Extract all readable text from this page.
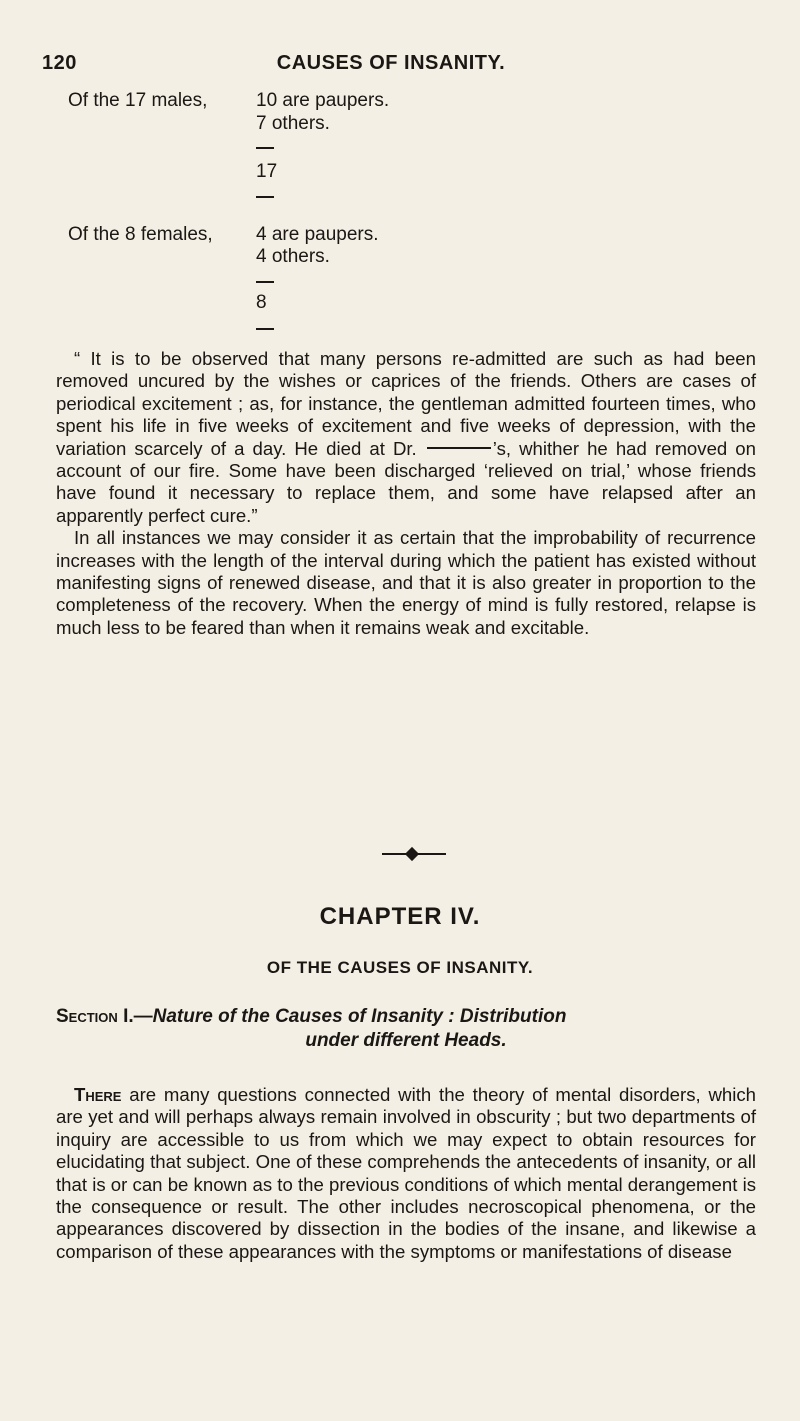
120	CAUSES OF INSANITY.
Of the 17 males,	10 are paupers.
7 others.
17
Of the 8 females, 4 are paupers.
4 others.
8

“ It is to be observed that many persons re-admitted are such as had been removed uncured by the wishes or caprices of the friends. Others are cases of periodical excitement ; as, for instance, the gentleman admitted fourteen times, who spent his life in five weeks of excitement and five weeks of depression, with the variation scarcely of a day. He died at Dr.	’s, whither he had removed on account of our fire. Some have been discharged ‘relieved on trial,’ whose friends have found it necessary to replace them, and some have relapsed after an apparently perfect cure.”

In all instances we may consider it as certain that the improbability of recurrence increases with the length of the interval during which the patient has existed without manifesting signs of renewed disease, and that it is also greater in proportion to the completeness of the recovery. When the energy of mind is fully restored, relapse is much less to be feared than when it remains weak and excitable.

CHAPTER IV.
OF THE CAUSES OF INSANITY.
Section I.—Nature of the Causes of Insanity : Distribution
under different Heads.

There are many questions connected with the theory of mental disorders, which are yet and will perhaps always remain involved in obscurity ; but two departments of inquiry are accessible to us from which we may expect to obtain resources for elucidating that subject. One of these comprehends the antecedents of insanity, or all that is or can be known as to the previous conditions of which mental derangement is the consequence or result. The other includes necroscopical phenomena, or the appearances discovered by dissection in the bodies of the insane, and likewise a comparison of these appearances with the symptoms or manifestations of disease
